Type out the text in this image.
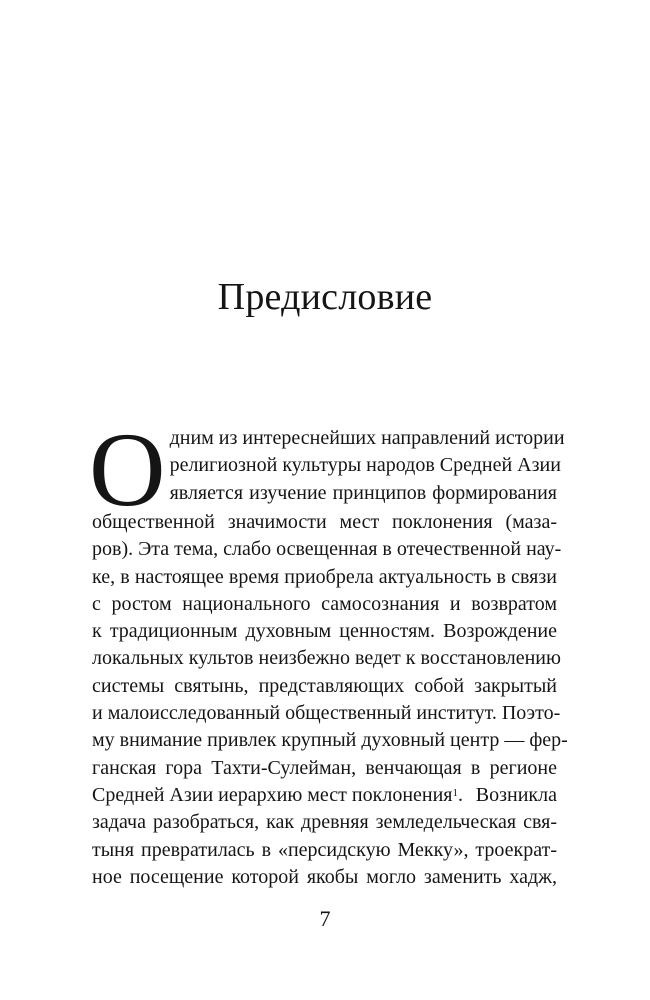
Предисловие
О дним из интереснейших направлений истории
религиозной культуры народов Средней Азии
является изучение принципов формирования
общественной значимости мест поклонения (маза-
ров). Эта тема, слабо освещенная в отечественной нау-
ке, в настоящее время приобрела актуальность в связи
с ростом национального самосознания и возвратом
к традиционным духовным ценностям. Возрождение
локальных культов неизбежно ведет к восстановлению
системы святынь, представляющих собой закрытый
и малоисследованный общественный институт. Поэто-
му внимание привлек крупный духовный центр — фер-
ганская гора Тахти-Сулейман, венчающая в регионе
Средней Азии иерархию мест поклонения$^1$. Возникла
задача разобраться, как древняя земледельческая свя-
тыня превратилась в «персидскую Мекку», троекрат-
ное посещение которой якобы могло заменить хадж,
7
